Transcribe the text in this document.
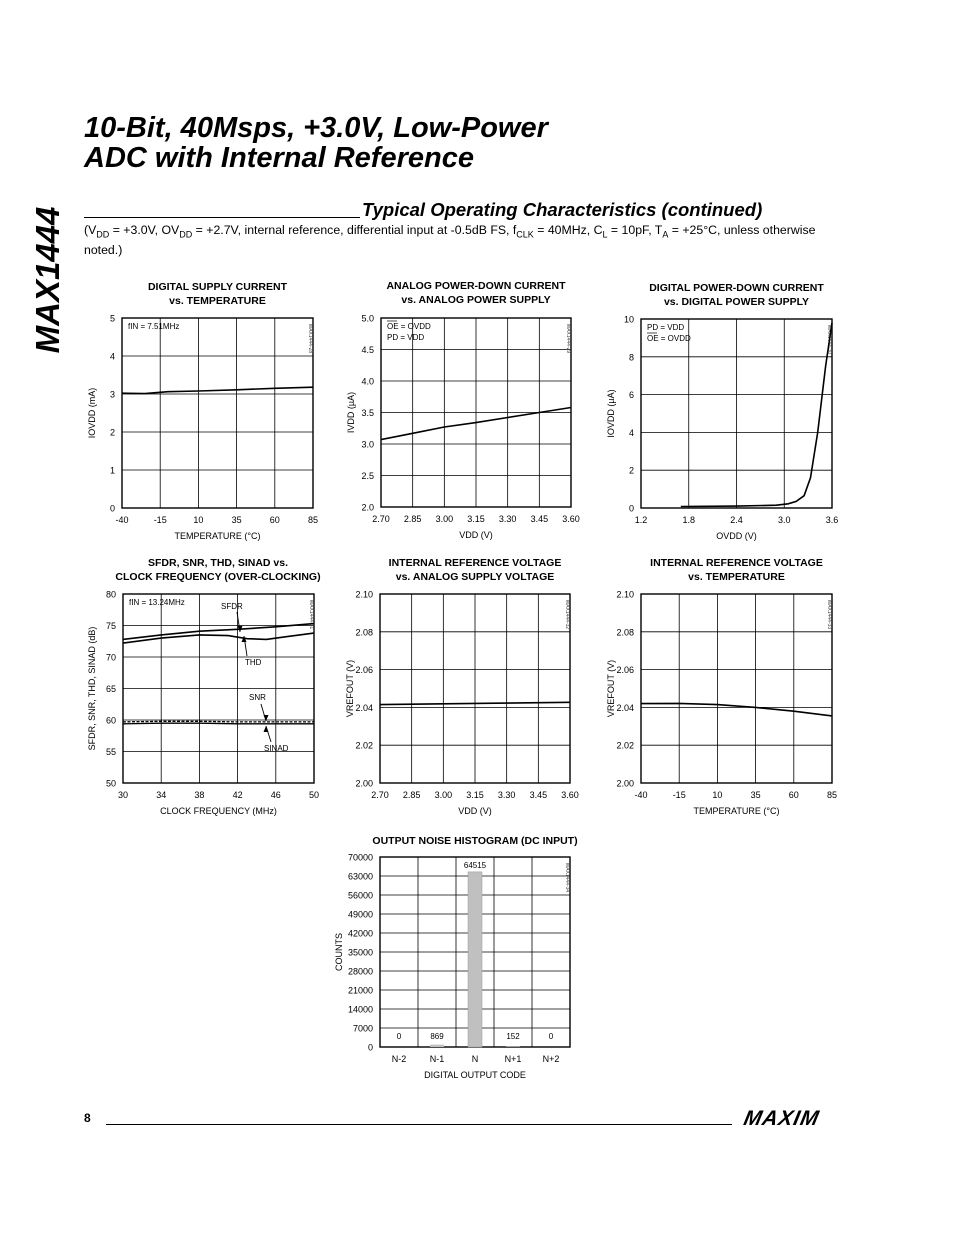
MAX1444
10-Bit, 40Msps, +3.0V, Low-Power
ADC with Internal Reference
Typical Operating Characteristics (continued)
($V_{DD} = +3.0V$, $OV_{DD} = +2.7V$, internal reference, differential input at -0.5dB FS, $f_{CLK} = 40MHz$, $C_L = 10pF$, $T_A = +25^\circ C$, unless otherwise noted.)
DIGITAL SUPPLY CURRENT
vs. TEMPERATURE
0
1
2
3
4
5
-40	-15	10	35	60	85
TEMPERATURE (°C)
IOVDD (mA)
MAX1444-28
fIN = 7.51MHz
ANALOG POWER-DOWN CURRENT
vs. ANALOG POWER SUPPLY
2.0
2.5
3.0
3.5
4.0
4.5
5.0
2.70 2.85 3.00 3.15 3.30 3.45 3.60
VDD (V)
IVDD (µA)
MAX1444-29
OE = OVDD
PD = VDD
DIGITAL POWER-DOWN CURRENT
vs. DIGITAL POWER SUPPLY
0
2
4
6
8
10
1.2	1.8	2.4	3.0	3.6
OVDD (V)
IOVDD (µA)
MAX1444-30
PD = VDD
OE = OVDD
SFDR, SNR, THD, SINAD vs.
CLOCK FREQUENCY (OVER-CLOCKING)
50
55
60
65
70
75
80
30	34	38	42	46	50
CLOCK FREQUENCY (MHz)
SFDR, SNR, THD, SINAD (dB)
MAX1444-31
fIN = 13.24MHz	SFDR
THD
SNR
SINAD
INTERNAL REFERENCE VOLTAGE
vs. ANALOG SUPPLY VOLTAGE
2.00
2.02
2.04
2.06
2.08
2.10
2.70 2.85 3.00 3.15 3.30 3.45 3.60
VDD (V)
VREFOUT (V)
MAX1444-32
INTERNAL REFERENCE VOLTAGE
vs. TEMPERATURE
2.00
2.02
2.04
2.06
2.08
2.10
-40	-15	10	35	60	85
TEMPERATURE (°C)
VREFOUT (V)
MAX1444-33
OUTPUT NOISE HISTOGRAM (DC INPUT)
0
7000
14000
21000
28000
35000
42000
49000
56000
63000
70000
N-2	N-1	N	N+1 N+2
DIGITAL OUTPUT CODE
COUNTS
MAX1444-34
0	869
64515
152	0
8	MAXIM
